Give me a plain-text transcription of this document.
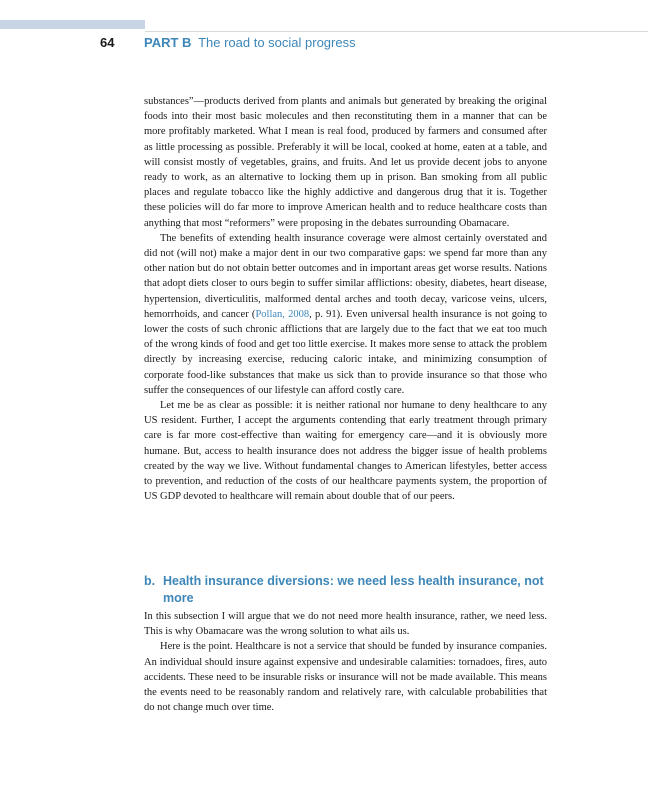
64 PART B The road to social progress

substances”—products derived from plants and animals but generated by breaking the original foods into their most basic molecules and then reconstituting them in a manner that can be more profitably marketed. What I mean is real food, produced by farmers and consumed after as little processing as possible. Preferably it will be local, cooked at home, eaten at a table, and will consist mostly of vegetables, grains, and fruits. And let us provide decent jobs to anyone ready to work, as an alternative to locking them up in prison. Ban smoking from all public places and regulate tobacco like the highly addictive and dangerous drug that it is. Together these policies will do far more to improve American health and to reduce healthcare costs than anything that most “reformers” were proposing in the debates surrounding Obamacare.

The benefits of extending health insurance coverage were almost certainly overstated and did not (will not) make a major dent in our two comparative gaps: we spend far more than any other nation but do not obtain better outcomes and in important areas get worse results. Nations that adopt diets closer to ours begin to suffer similar afflictions: obesity, diabetes, heart disease, hypertension, diverticulitis, malformed dental arches and tooth decay, varicose veins, ulcers, hemorrhoids, and cancer (Pollan, 2008, p. 91). Even universal health insurance is not going to lower the costs of such chronic afflictions that are largely due to the fact that we eat too much of the wrong kinds of food and get too little exercise. It makes more sense to attack the problem directly by increasing exercise, reducing caloric intake, and minimizing consumption of corporate food-like substances that make us sick than to provide insurance so that those who suffer the consequences of our lifestyle can afford costly care.

Let me be as clear as possible: it is neither rational nor humane to deny healthcare to any US resident. Further, I accept the arguments contending that early treatment through primary care is far more cost-effective than waiting for emergency care—and it is obviously more humane. But, access to health insurance does not address the bigger issue of health problems created by the way we live. Without fundamental changes to American lifestyles, better access to prevention, and reduction of the costs of our healthcare payments system, the proportion of US GDP devoted to healthcare will remain about double that of our peers.

b. Health insurance diversions: we need less health insurance, not
more

In this subsection I will argue that we do not need more health insurance, rather, we need less. This is why Obamacare was the wrong solution to what ails us.

Here is the point. Healthcare is not a service that should be funded by insurance companies. An individual should insure against expensive and undesirable calamities: tornadoes, fires, auto accidents. These need to be insurable risks or insurance will not be made available. This means the events need to be reasonably random and relatively rare, with calculable probabilities that do not change much over time.
